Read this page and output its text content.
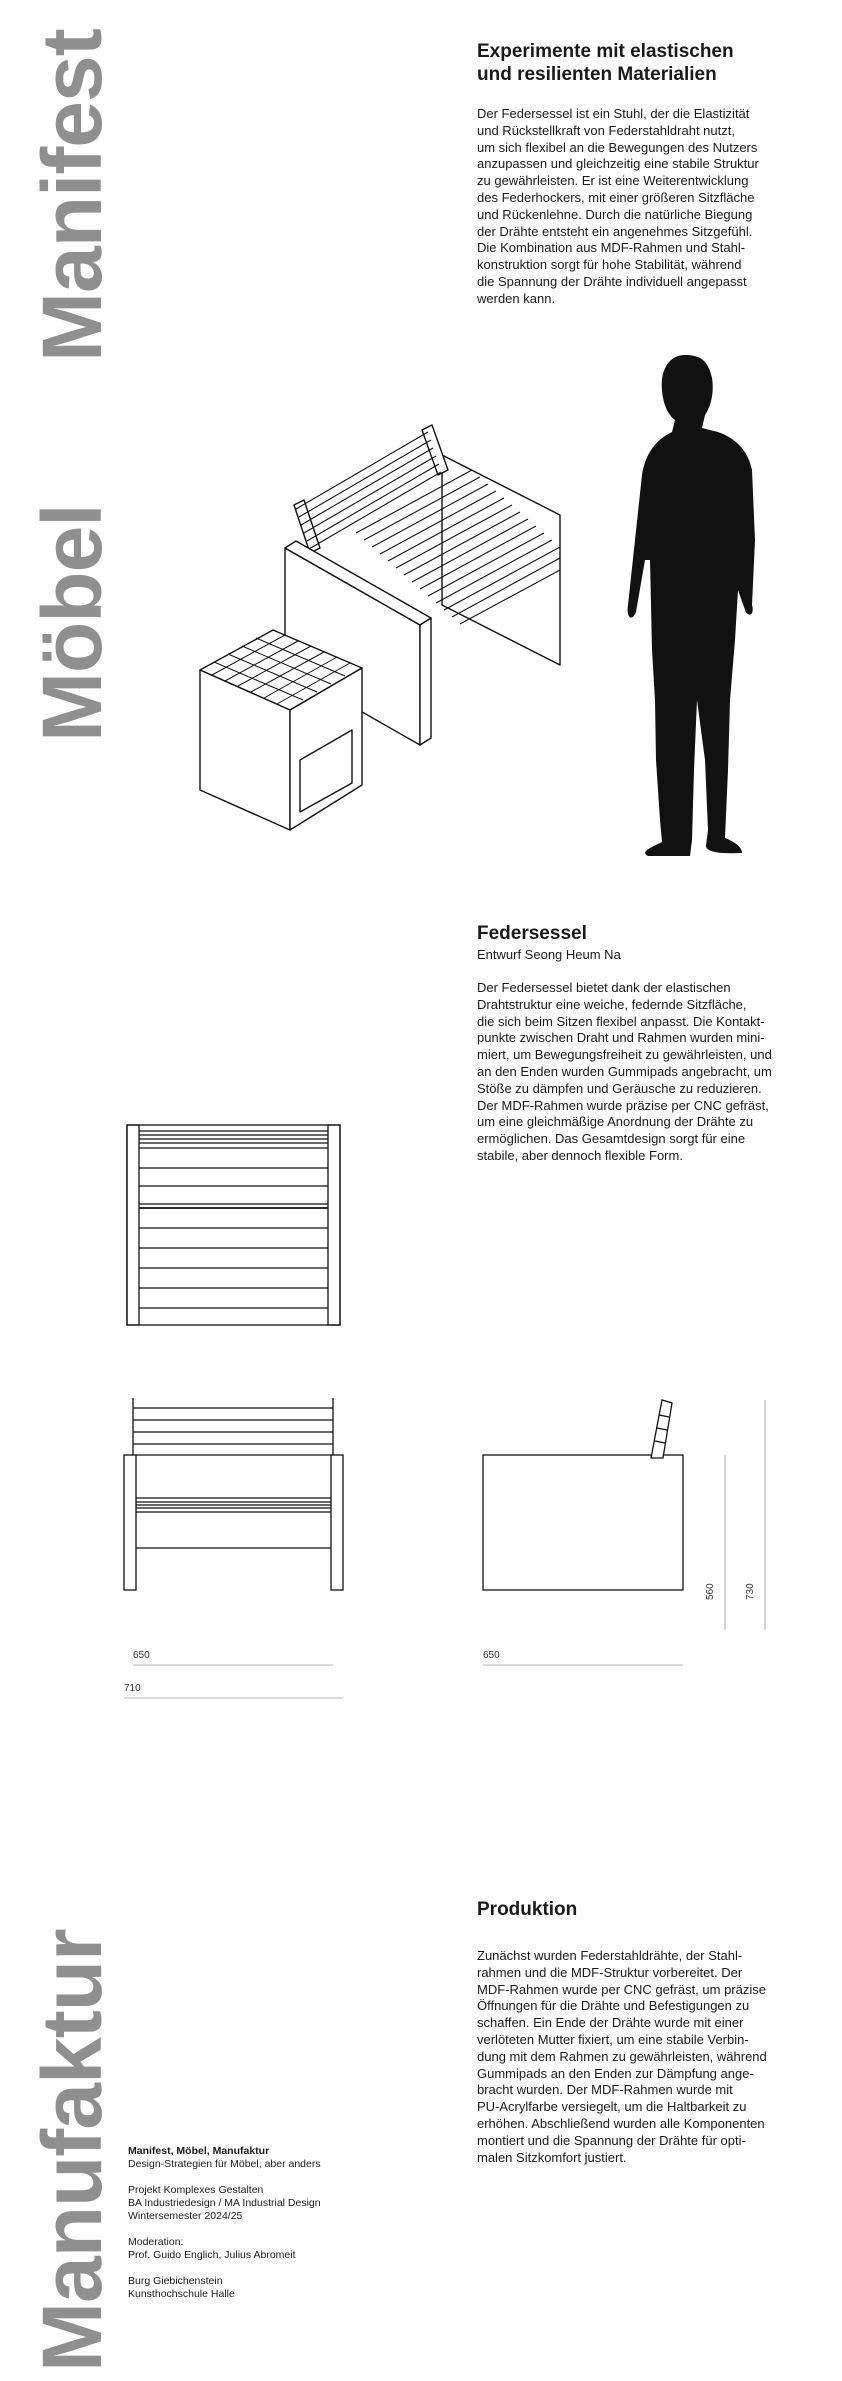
Manifest
Möbel
Manufaktur
Experimente mit elastischen
und resilienten Materialien
Der Federsessel ist ein Stuhl, der die Elastizität
und Rückstellkraft von Federstahldraht nutzt,
um sich flexibel an die Bewegungen des Nutzers
anzupassen und gleichzeitig eine stabile Struktur
zu gewährleisten. Er ist eine Weiterentwicklung
des Federhockers, mit einer größeren Sitzfläche
und Rückenlehne. Durch die natürliche Biegung
der Drähte entsteht ein angenehmes Sitzgefühl.
Die Kombination aus MDF-Rahmen und Stahl-
konstruktion sorgt für hohe Stabilität, während
die Spannung der Drähte individuell angepasst
werden kann.
Federsessel
Entwurf Seong Heum Na
Der Federsessel bietet dank der elastischen
Drahtstruktur eine weiche, federnde Sitzfläche,
die sich beim Sitzen flexibel anpasst. Die Kontakt-
punkte zwischen Draht und Rahmen wurden mini-
miert, um Bewegungsfreiheit zu gewährleisten, und
an den Enden wurden Gummipads angebracht, um
Stöße zu dämpfen und Geräusche zu reduzieren.
Der MDF-Rahmen wurde präzise per CNC gefräst,
um eine gleichmäßige Anordnung der Drähte zu
ermöglichen. Das Gesamtdesign sorgt für eine
stabile, aber dennoch flexible Form.
650
710
650
560	730
Produktion
Zunächst wurden Federstahldrähte, der Stahl-
rahmen und die MDF-Struktur vorbereitet. Der
MDF-Rahmen wurde per CNC gefräst, um präzise
Öffnungen für die Drähte und Befestigungen zu
schaffen. Ein Ende der Drähte wurde mit einer
verlöteten Mutter fixiert, um eine stabile Verbin-
dung mit dem Rahmen zu gewährleisten, während
Gummipads an den Enden zur Dämpfung ange-
bracht wurden. Der MDF-Rahmen wurde mit
PU-Acrylfarbe versiegelt, um die Haltbarkeit zu
erhöhen. Abschließend wurden alle Komponenten
montiert und die Spannung der Drähte für opti-
malen Sitzkomfort justiert.
Manifest, Möbel, Manufaktur
Design-Strategien für Möbel, aber anders
Projekt Komplexes Gestalten
BA Industriedesign / MA Industrial Design
Wintersemester 2024/25
Moderation:
Prof. Guido Englich, Julius Abromeit
Burg Giebichenstein
Kunsthochschule Halle
